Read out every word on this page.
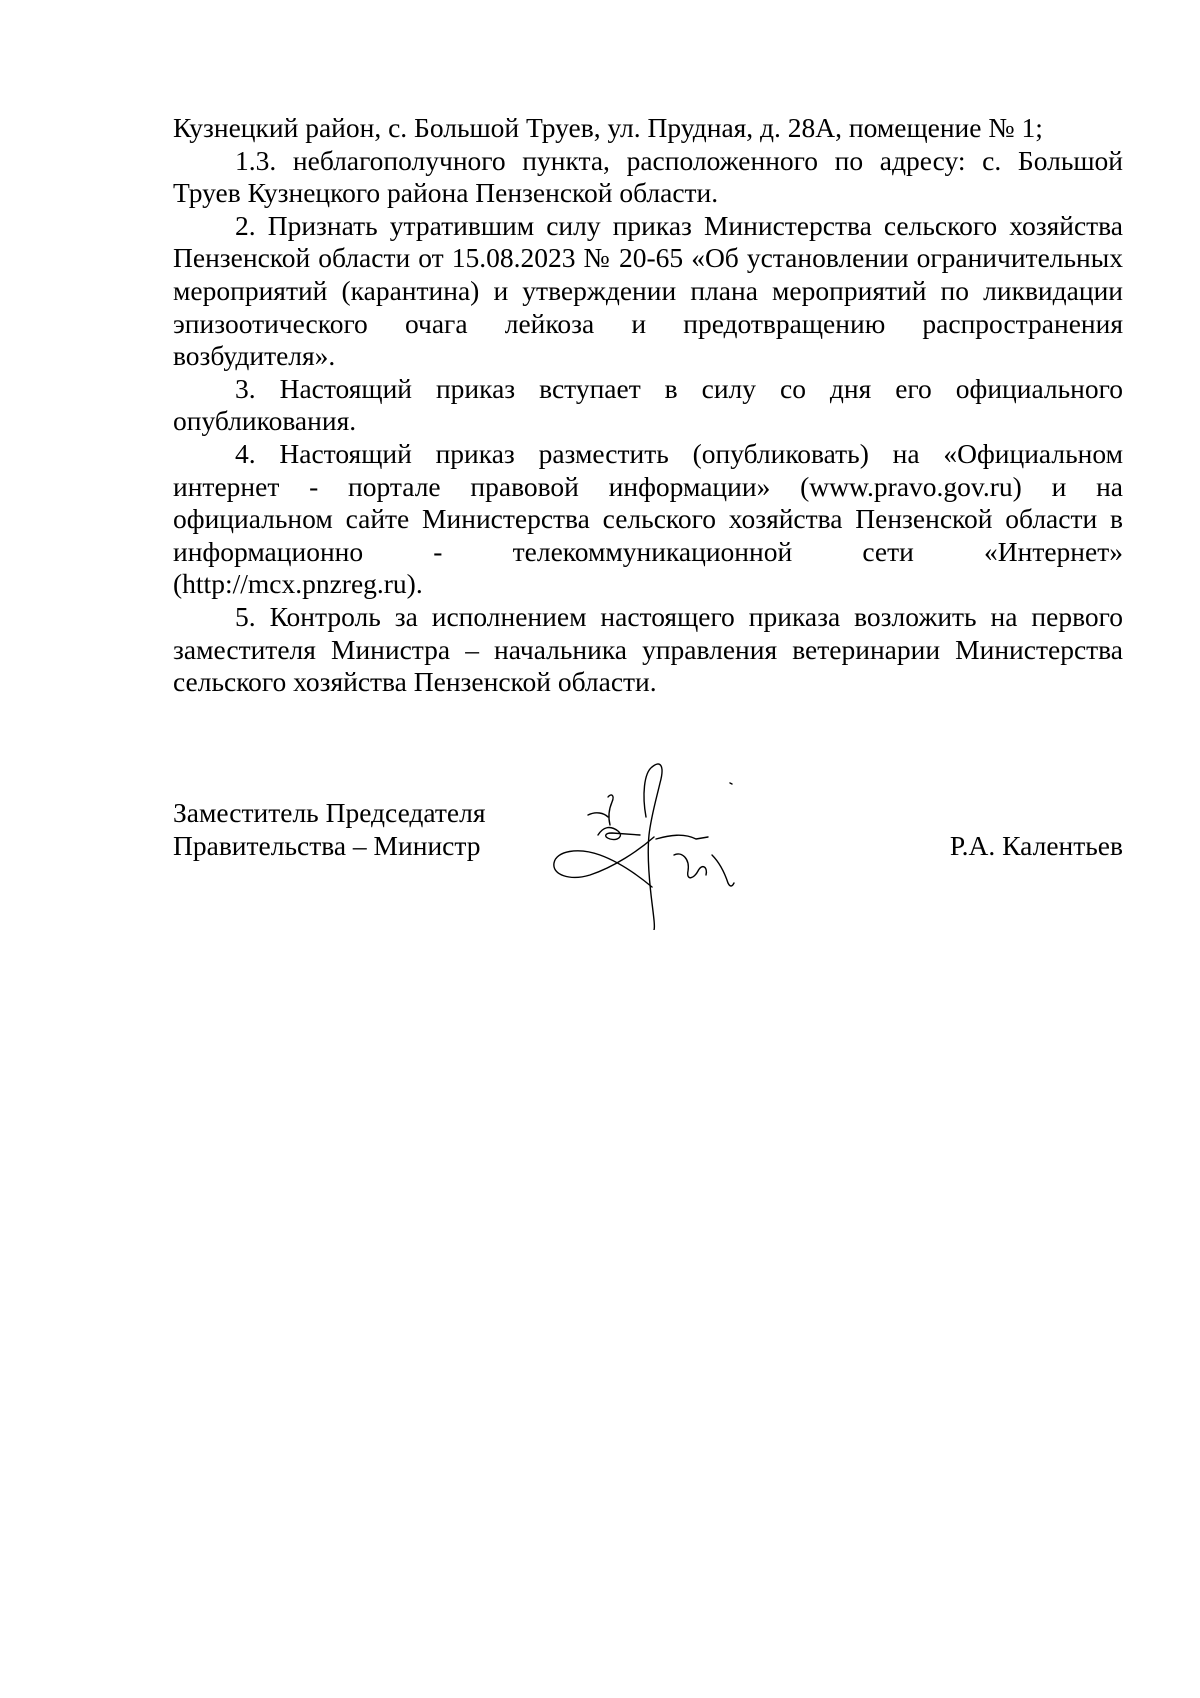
Кузнецкий район, с. Большой Труев, ул. Прудная, д. 28А, помещение № 1;

1.3. неблагополучного пункта, расположенного по адресу: с. Большой Труев Кузнецкого района Пензенской области.

2. Признать утратившим силу приказ Министерства сельского хозяйства Пензенской области от 15.08.2023 № 20-65 «Об установлении ограничительных мероприятий (карантина) и утверждении плана мероприятий по ликвидации эпизоотического очага лейкоза и предотвращению распространения возбудителя».

3. Настоящий приказ вступает в силу со дня его официального опубликования.

4. Настоящий приказ разместить (опубликовать) на «Официальном интернет - портале правовой информации» (www.pravo.gov.ru) и на официальном сайте Министерства сельского хозяйства Пензенской области в информационно - телекоммуникационной сети «Интернет» (http://mcx.pnzreg.ru).

5. Контроль за исполнением настоящего приказа возложить на первого заместителя Министра – начальника управления ветеринарии Министерства сельского хозяйства Пензенской области.

Заместитель Председателя
Правительства – Министр	Р.А. Калентьев
